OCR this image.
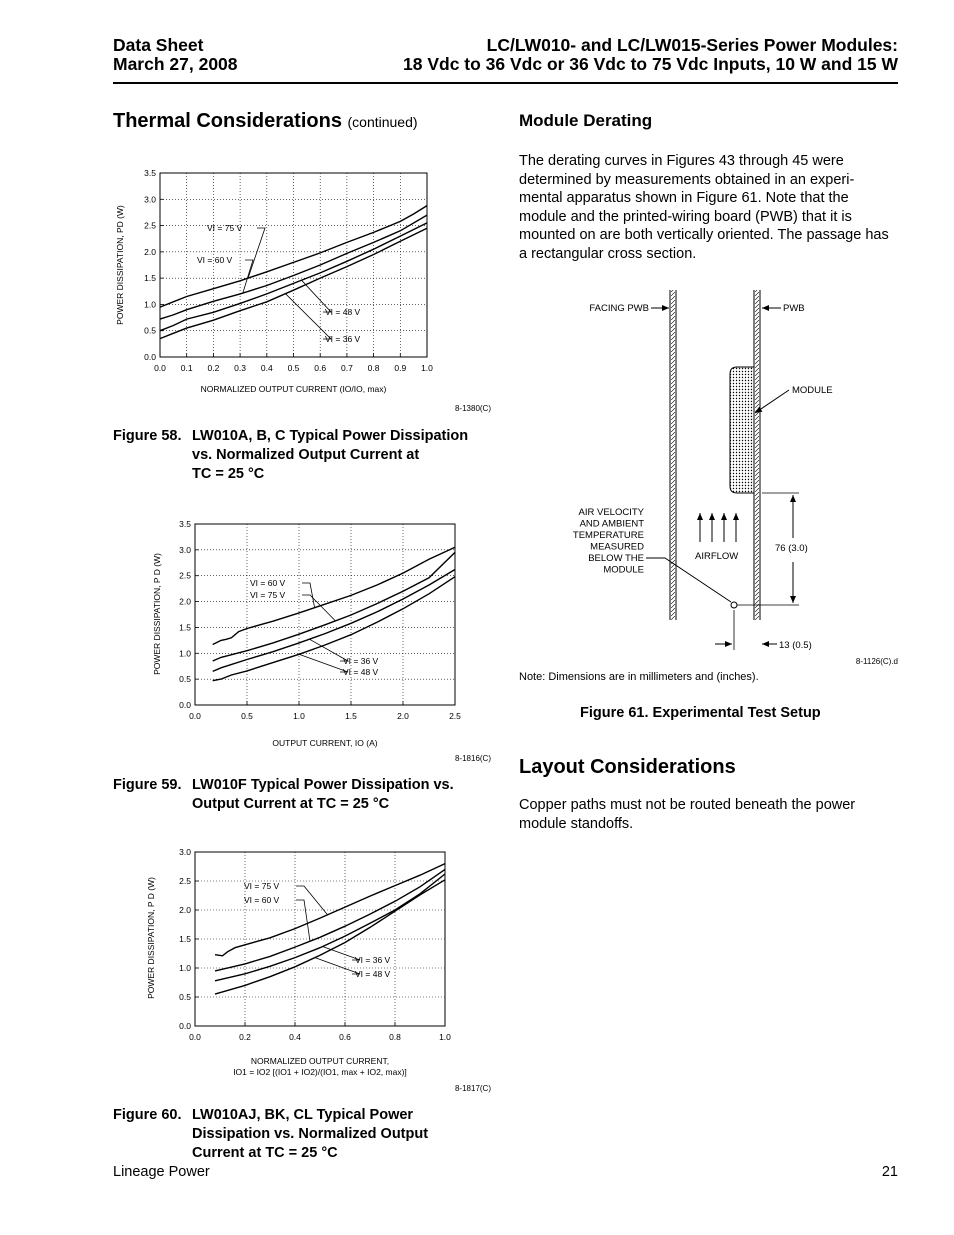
Data Sheet
March 27, 2008
LC/LW010- and LC/LW015-Series Power Modules:
18 Vdc to 36 Vdc or 36 Vdc to 75 Vdc Inputs, 10 W and 15 W
Thermal Considerations (continued)
0.0
0.5
1.0
1.5
2.0
2.5
3.0
3.5
0.0 0.1 0.2 0.3 0.4 0.5 0.6 0.7 0.8 0.9 1.0
VI = 75 V
VI = 60 V
VI = 48 V
VI = 36 V
POWER DISSIPATION, PD (W)
NORMALIZED OUTPUT CURRENT (IO/IO, max)
8-1380(C)
Figure 58. LW010A, B, C Typical Power Dissipation
vs. Normalized Output Current at
TC = 25 °C
0.0
0.5
1.0
1.5
2.0
2.5
3.0
3.5
0.0	0.5	1.0	1.5	2.0	2.5
VI = 60 V
VI = 75 V
VI = 36 V
VI = 48 V
POWER DISSIPATION, P D (W)
OUTPUT CURRENT, IO (A)
8-1816(C)
Figure 59. LW010F Typical Power Dissipation vs.
Output Current at TC = 25 °C
0.0
0.5
1.0
1.5
2.0
2.5
3.0
0.0	0.2	0.4	0.6	0.8	1.0
VI = 75 V
VI = 60 V
VI = 36 V
VI = 48 V
POWER DISSIPATION, P D (W)
NORMALIZED OUTPUT CURRENT,
IO1 = IO2 [(IO1 + IO2)/(IO1, max + IO2, max)]
8-1817(C)
Figure 60. LW010AJ, BK, CL Typical Power
Dissipation vs. Normalized Output
Current at TC = 25 °C
Module Derating
The derating curves in Figures 43 through 45 were determined by measurements obtained in an experi-mental apparatus shown in Figure 61. Note that the module and the printed-wiring board (PWB) that it is mounted on are both vertically oriented. The passage has a rectangular cross section.
FACING PWB	PWB
MODULE
AIRFLOW
AIR VELOCITY
AND AMBIENT
TEMPERATURE
MEASURED
BELOW THE
MODULE
76 (3.0)
13 (0.5)
8-1126(C).d
Note: Dimensions are in millimeters and (inches).
Figure 61. Experimental Test Setup
Layout Considerations
Copper paths must not be routed beneath the power module standoffs.
Lineage Power	21
